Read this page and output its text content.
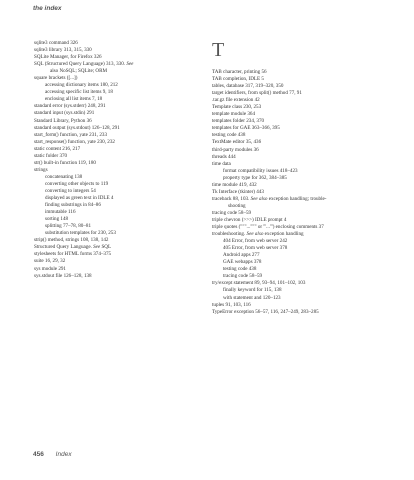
the index
sqlite3 command 326
sqlite3 library 313, 315, 330
SQLite Manager, for Firefox 326
SQL (Structured Query Language) 313, 330. See
also NoSQL; SQLite; ORM
square brackets ([...])
accessing dictionary items 180, 212
accessing specific list items 9, 18
enclosing all list items 7, 18
standard error (sys.stderr) 248, 291
standard input (sys.stdin) 291
Standard Library, Python 36
standard output (sys.stdout) 126–128, 291
start_form() function, yate 231, 233
start_response() function, yate 230, 232
static content 216, 217
static folder 370
str() built-in function 119, 180
strings
concatenating 138
converting other objects to 119
converting to integers 54
displayed as green text in IDLE 4
finding substrings in 84–86
immutable 116
sorting 148
splitting 77–78, 80–81
substitution templates for 230, 253
strip() method, strings 108, 138, 142
Structured Query Language. See SQL
stylesheets for HTML forms 374–375
suite 16, 29, 32
sys module 291
sys.stdout file 126–128, 138
T
TAB character, printing 56
TAB completion, IDLE 5
tables, database 317, 319–320, 350
target identifiers, from split() method 77, 91
.tar.gz file extension 42
Template class 230, 253
template module 364
templates folder 234, 370
templates for GAE 363–366, 395
testing code 438
TextMate editor 35, 436
third-party modules 36
threads 444
time data
format compatibility issues 418–423
property type for 362, 384–385
time module 419, 432
Tk Interface (tkinter) 443
traceback 88, 103. See also exception handling; trouble-
shooting
tracing code 58–59
triple chevron (>>>) IDLE prompt 4
triple quotes ("""...""" or '''...''') enclosing comments 37
troubleshooting. See also exception handling
404 Error, from web server 242
405 Error, from web server 378
Android apps 277
GAE webapps 378
testing code 438
tracing code 58–59
try/except statement 89, 93–94, 101–102, 103
finally keyword for 115, 138
with statement and 120–123
tuples 91, 103, 116
TypeError exception 56–57, 116, 247–249, 283–285
456 Index
